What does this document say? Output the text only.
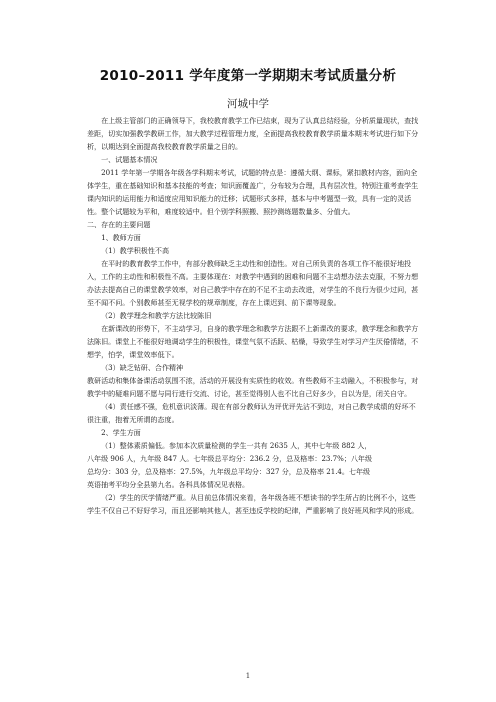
2010–2011 学年度第一学期期末考试质量分析
河城中学

在上级主管部门的正确领导下，我校教育教学工作已结束，现为了认真总结经验，分析质量现状，查找差距，切实加强教学教研工作，加大教学过程管理力度，全面提高我校教育教学质量本期末考试进行如下分析，以期达到全面提高我校教育教学质量之目的。

一、试题基本情况

2011 学年第一学期各年级各学科期末考试，试题的特点是：遵循大纲、课标，紧扣教材内容，面向全体学生，重在基础知识和基本技能的考查；知识面覆盖广，分布较为合理，具有层次性，特别注重考查学生课内知识的运用能力和适度应用知识能力的迁移；试题形式多样，基本与中考题型一致，具有一定的灵活性。整个试题较为平和，难度较适中。但个别学科照搬、照抄测练题数量多、分值大。

二、存在的主要问题

1、教师方面

（1）教学积极性不高

在平时的教育教学工作中，有部分教师缺乏主动性和创造性。对自己所负责的各项工作不能很好地投入，工作的主动性和积极性不高。主要体现在：对教学中遇到的困难和问题不主动想办法去克服，不努力想办法去提高自己的课堂教学效率，对自己教学中存在的不足不主动去改进，对学生的不良行为很少过问，甚至不闻不问。个别教师甚至无视学校的规章制度，存在上课迟到、前下课等现象。

（2）教学理念和教学方法比较陈旧

在新课改的形势下，不主动学习，自身的教学理念和教学方法跟不上新课改的要求，教学理念和教学方法陈旧。课堂上不能很好地调动学生的积极性，课堂气氛不活跃、枯燥，导致学生对学习产生厌倦情绪，不想学，怕学，课堂效率低下。

（3）缺乏钻研、合作精神

教研活动和集体备课活动氛围不浓，活动的开展没有实质性的收效。有些教师不主动融入，不积极参与，对教学中的疑难问题不愿与同行进行交流、讨论，甚至觉得别人也不比自己好多少，自以为是，闭关自守。

（4）责任感不强，危机意识淡薄。现在有部分教师认为评优评先沾不到边，对自己教学成绩的好坏不很注重，抱着无所谓的态度。

2、学生方面

（1）整体素质偏低。参加本次质量检测的学生一共有 2635 人，其中七年级 882 人，

八年级 906 人，九年级 847 人。七年级总平均分：236.2 分，总及格率：23.7%；八年级

总均分：303 分，总及格率：27.5%，九年级总平均分：327 分，总及格率 21.4。七年级

英语抽考平均分全县第九名。各科具体情况见表格。

（2）学生的厌学情绪严重。从目前总体情况来看，各年级各班不想读书的学生所占的比例不小，这些学生不仅自己不好好学习，而且还影响其他人，甚至违反学校的纪律，严重影响了良好班风和学风的形成。

1
